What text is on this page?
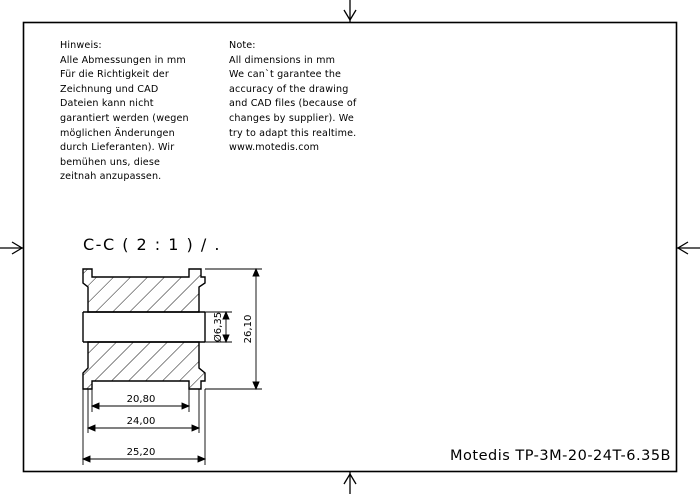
20,80
24,00
25,20
Ø6,35 26,10
Hinweis:
Alle Abmessungen in mm
Für die Richtigkeit der
Zeichnung und CAD
Dateien kann nicht
garantiert werden (wegen
möglichen Änderungen
durch Lieferanten). Wir
bemühen uns, diese
zeitnah anzupassen.
Note:
All dimensions in mm
We can`t garantee the
accuracy of the drawing
and CAD files (because of
changes by supplier). We
try to adapt this realtime.
www.motedis.com
C-C ( 2 : 1 ) / .
Motedis TP-3M-20-24T-6.35B
